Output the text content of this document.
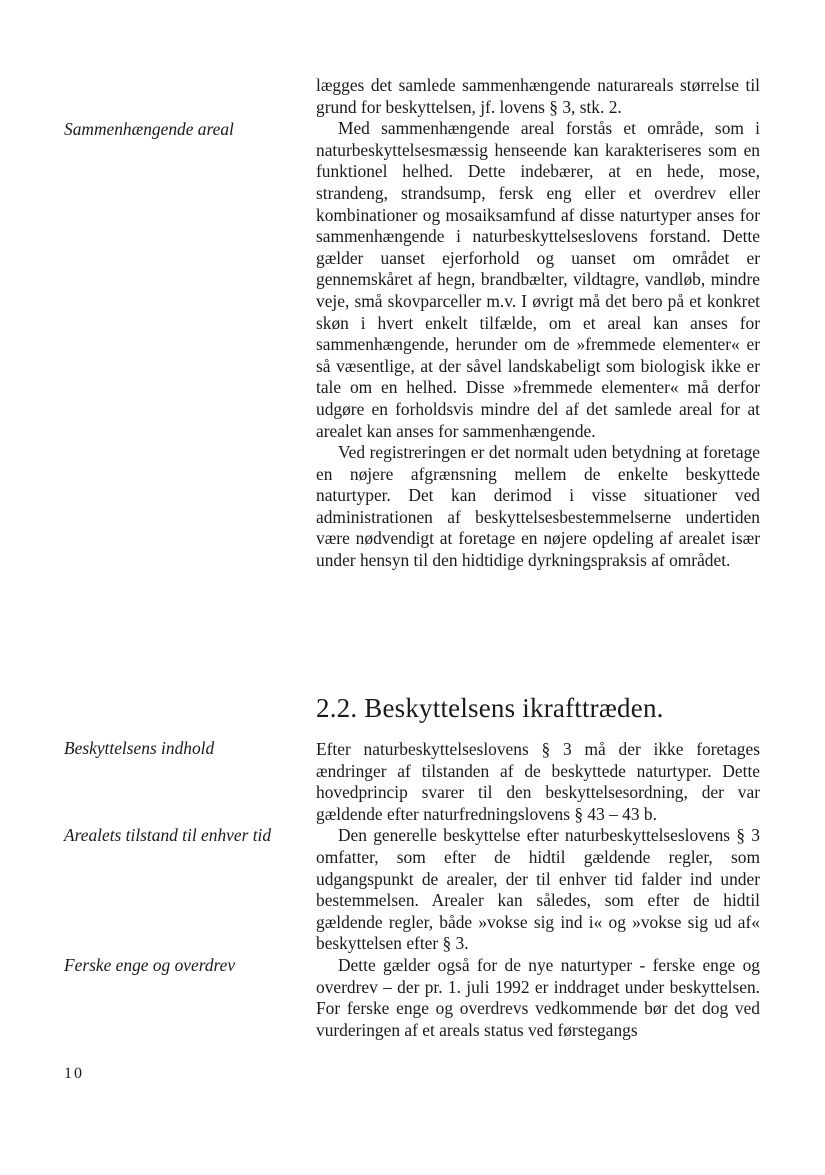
Sammenhængende areal

lægges det samlede sammenhængende naturareals størrelse til grund for beskyttelsen, jf. lovens § 3, stk. 2.

Med sammenhængende areal forstås et område, som i naturbeskyttelsesmæssig henseende kan karakteriseres som en funktionel helhed. Dette indebærer, at en hede, mose, strandeng, strandsump, fersk eng eller et overdrev eller kombinationer og mosaiksamfund af disse naturtyper anses for sammenhængende i naturbeskyttelseslovens forstand. Dette gælder uanset ejerforhold og uanset om området er gennemskåret af hegn, brandbælter, vildtagre, vandløb, mindre veje, små skovparceller m.v. I øvrigt må det bero på et konkret skøn i hvert enkelt tilfælde, om et areal kan anses for sammenhængende, herunder om de »fremmede elementer« er så væsentlige, at der såvel landskabeligt som biologisk ikke er tale om en helhed. Disse »fremmede elementer« må derfor udgøre en forholdsvis mindre del af det samlede areal for at arealet kan anses for sammenhængende.

Ved registreringen er det normalt uden betydning at foretage en nøjere afgrænsning mellem de enkelte beskyttede naturtyper. Det kan derimod i visse situationer ved administrationen af beskyttelsesbestemmelserne undertiden være nødvendigt at foretage en nøjere opdeling af arealet især under hensyn til den hidtidige dyrkningspraksis af området.

2.2. Beskyttelsens ikrafttræden.
Beskyttelsens indhold
Arealets tilstand til enhver tid
Ferske enge og overdrev

Efter naturbeskyttelseslovens § 3 må der ikke foretages ændringer af tilstanden af de beskyttede naturtyper. Dette hovedprincip svarer til den beskyttelsesordning, der var gældende efter naturfredningslovens § 43 – 43 b.

Den generelle beskyttelse efter naturbeskyttelseslovens § 3 omfatter, som efter de hidtil gældende regler, som udgangspunkt de arealer, der til enhver tid falder ind under bestemmelsen. Arealer kan således, som efter de hidtil gældende regler, både »vokse sig ind i« og »vokse sig ud af« beskyttelsen efter § 3.

Dette gælder også for de nye naturtyper - ferske enge og overdrev – der pr. 1. juli 1992 er inddraget under beskyttelsen. For ferske enge og overdrevs vedkommende bør det dog ved vurderingen af et areals status ved førstegangs

10
